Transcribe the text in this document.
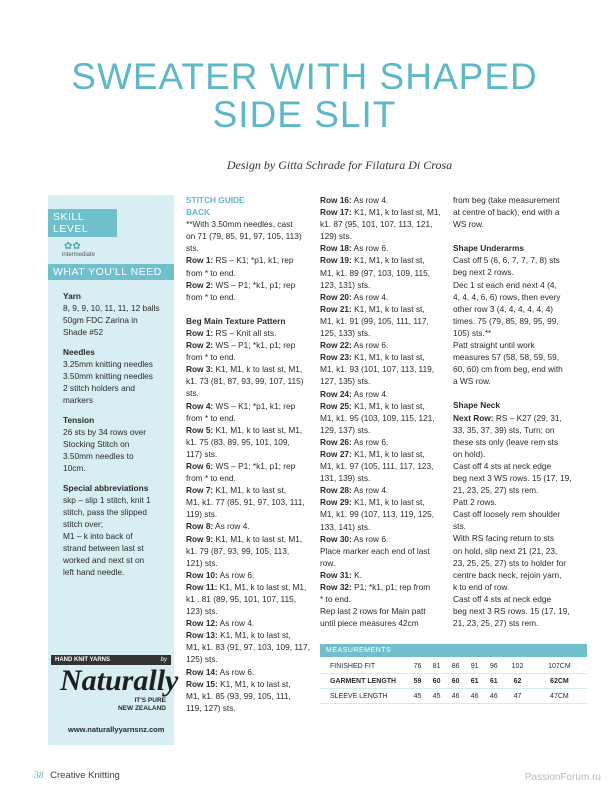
SWEATER WITH SHAPED
SIDE SLIT
Design by Gitta Schrade for Filatura Di Crosa
SKILL LEVEL
✿✿
intermediate
WHAT YOU'LL NEED
Yarn

8, 9, 9, 10, 11, 11, 12 balls

50gm FDC Zarina in

Shade #52

Needles

3.25mm knitting needles

3.50mm knitting needles

2 stitch holders and

markers

Tension

26 sts by 34 rows over

Stocking Stitch on

3.50mm needles to

10cm.

Special abbreviations

skp – slip 1 stitch, knit 1

stitch, pass the slipped

stitch over;

M1 – k into back of

strand between last st

worked and next st on

left hand needle.

HAND KNIT YARNS	by
Naturally
IT'S PURE
NEW ZEALAND
www.naturallyyarnsnz.com

STITCH GUIDE

BACK

**With 3.50mm needles, cast

on 71 (79, 85, 91, 97, 105, 113)

sts.

Row 1: RS – K1; *p1, k1; rep

from * to end.

Row 2: WS – P1; *k1, p1; rep

from * to end.

Beg Main Texture Pattern

Row 1: RS – Knit all sts.

Row 2: WS – P1; *k1, p1; rep

from * to end.

Row 3: K1, M1, k to last st, M1,

k1. 73 (81, 87, 93, 99, 107, 115)

sts.

Row 4: WS – K1; *p1, k1; rep

from * to end.

Row 5: K1, M1, k to last st, M1,

k1. 75 (83, 89, 95, 101, 109,

117) sts.

Row 6: WS – P1; *k1, p1; rep

from * to end.

Row 7: K1, M1, k to last st,

M1, k1. 77 (85, 91, 97, 103, 111,

119) sts.

Row 8: As row 4.

Row 9: K1, M1, k to last st, M1,

k1. 79 (87, 93, 99, 105, 113,

121) sts.

Row 10: As row 6.

Row 11: K1, M1, k to last st, M1,

k1 . 81 (89, 95, 101, 107, 115,

123) sts.

Row 12: As row 4.

Row 13: K1, M1, k to last st,

M1, k1. 83 (91, 97, 103, 109, 117,

125) sts.

Row 14: As row 6.

Row 15: K1, M1, k to last st,

M1, k1. 85 (93, 99, 105, 111,

119, 127) sts.

Row 16: As row 4.

Row 17: K1, M1, k to last st, M1,

k1. 87 (95, 101, 107, 113, 121,

129) sts.

Row 18: As row 6.

Row 19: K1, M1, k to last st,

M1, k1. 89 (97, 103, 109, 115,

123, 131) sts.

Row 20: As row 4.

Row 21: K1, M1, k to last st,

M1, k1. 91 (99, 105, 111, 117,

125, 133) sts.

Row 22: As row 6.

Row 23: K1, M1, k to last st,

M1, k1. 93 (101, 107, 113, 119,

127, 135) sts.

Row 24: As row 4.

Row 25: K1, M1, k to last st,

M1, k1. 95 (103, 109, 115, 121,

129, 137) sts.

Row 26: As row 6.

Row 27: K1, M1, k to last st,

M1, k1. 97 (105, 111, 117, 123,

131, 139) sts.

Row 28: As row 4.

Row 29: K1, M1, k to last st,

M1, k1. 99 (107, 113, 119, 125,

133, 141) sts.

Row 30: As row 6.

Place marker each end of last

row.

Row 31: K.

Row 32: P1; *k1, p1; rep from

* to end.

Rep last 2 rows for Main patt

until piece measures 42cm

from beg (take measurement

at centre of back), end with a

WS row.

Shape Underarms

Cast off 5 (6, 6, 7, 7, 7, 8) sts

beg next 2 rows.

Dec 1 st each end next 4 (4,

4, 4, 4, 6, 6) rows, then every

other row 3 (4, 4, 4, 4, 4, 4)

times. 75 (79, 85, 89, 95, 99,

105) sts.**

Patt straight until work

measures 57 (58, 58, 59, 59,

60, 60) cm from beg, end with

a WS row.

Shape Neck

Next Row: RS – K27 (29, 31,

33, 35, 37, 39) sts, Turn; on

these sts only (leave rem sts

on hold).

Cast off 4 sts at neck edge

beg next 3 WS rows. 15 (17, 19,

21, 23, 25, 27) sts rem.

Patt 2 rows.

Cast off loosely rem shoulder

sts.

With RS facing return to sts

on hold, slip next 21 (21, 23,

23, 25, 25, 27) sts to holder for

centre back neck, rejoin yarn,

k to end of row.

Cast off 4 sts at neck edge

beg next 3 RS rows. 15 (17, 19,

21, 23, 25, 27) sts rem.

MEASUREMENTS
FINISHED FIT	76	81	86	91	96	102	107CM
GARMENT LENGTH	59	60	60	61	61	62	62CM
SLEEVE LENGTH	45	45	46	46	46	47	47CM
38 Creative Knitting	PassionForum.ru
